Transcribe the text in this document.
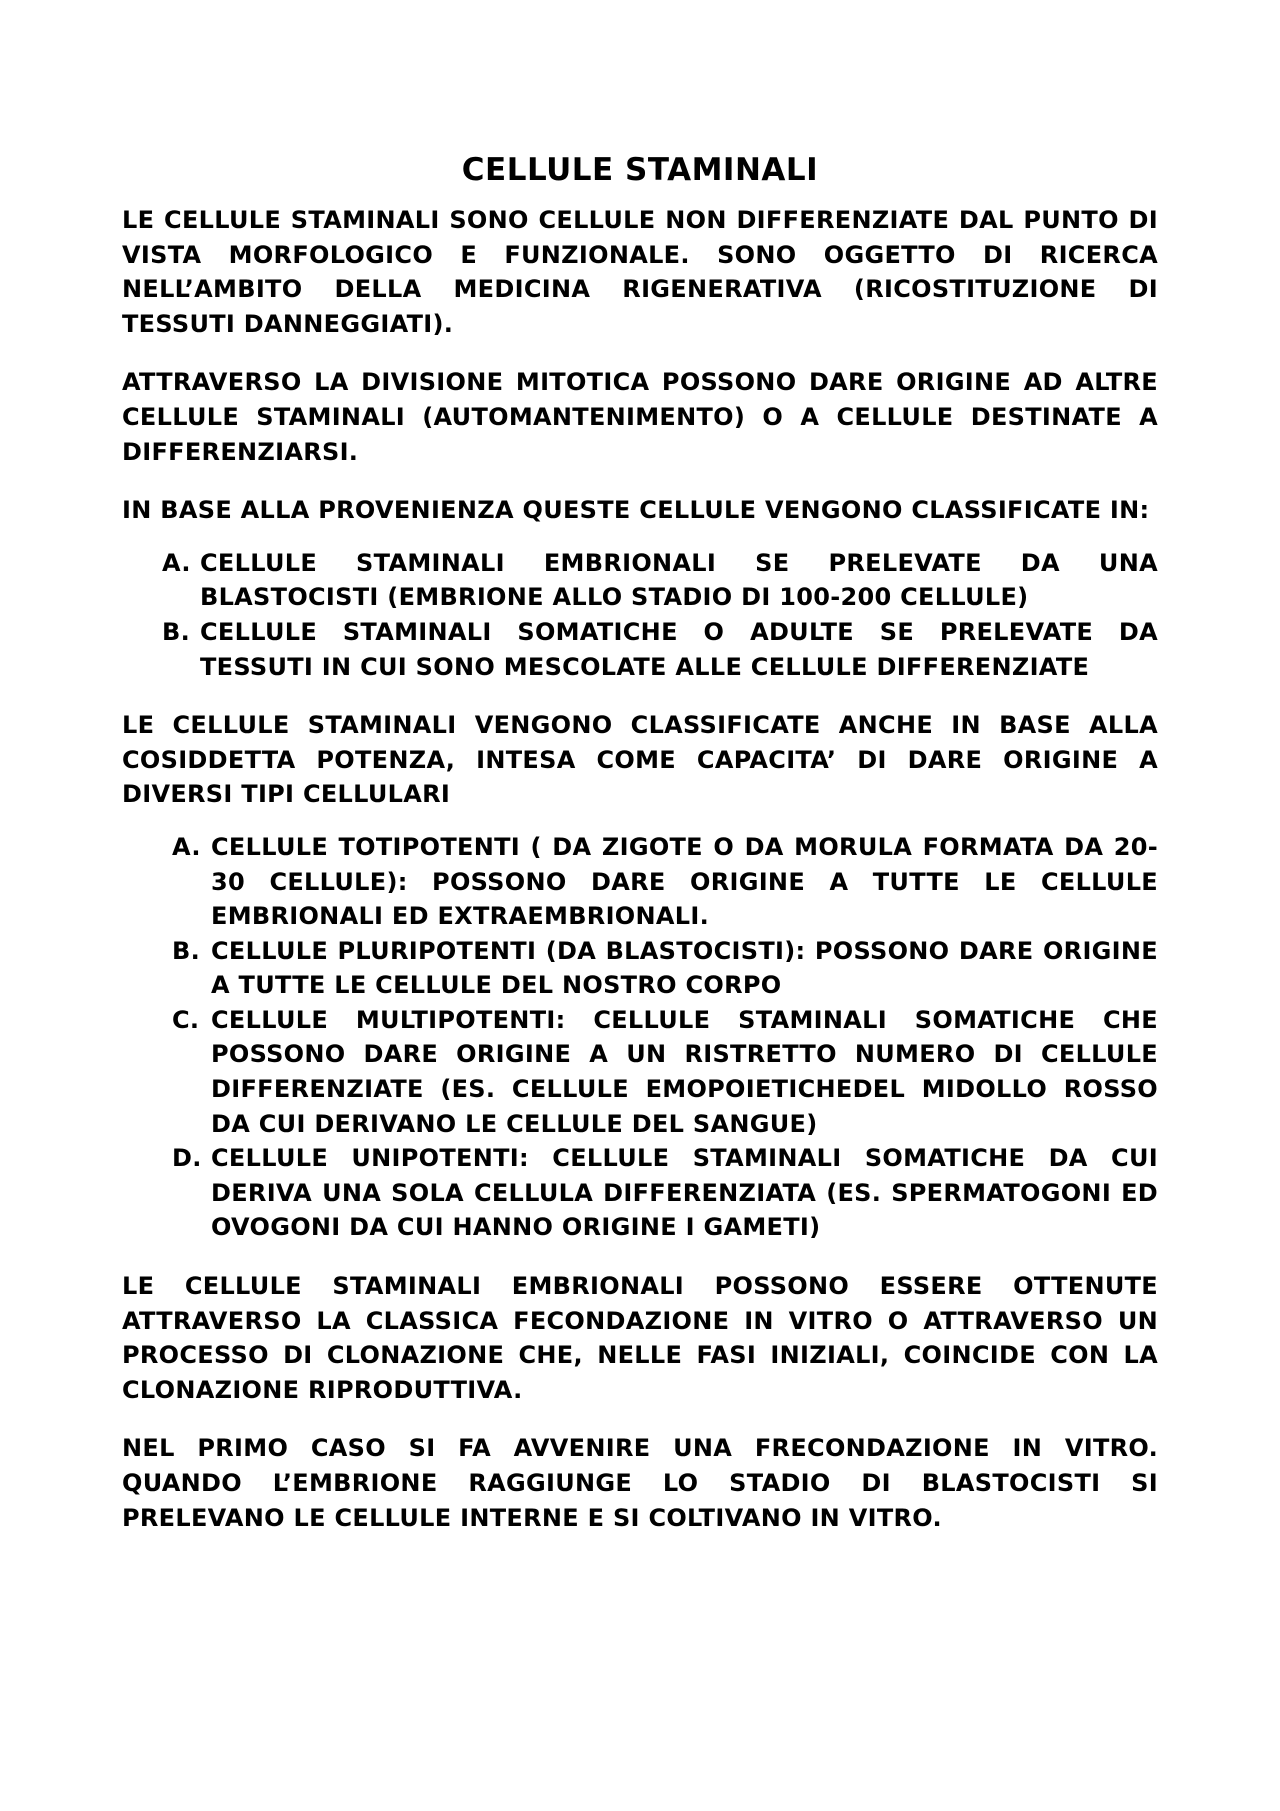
CELLULE STAMINALI

LE CELLULE STAMINALI SONO CELLULE NON DIFFERENZIATE DAL PUNTO DI VISTA MORFOLOGICO E FUNZIONALE. SONO OGGETTO DI RICERCA NELL’AMBITO DELLA MEDICINA RIGENERATIVA (RICOSTITUZIONE DI TESSUTI DANNEGGIATI).

ATTRAVERSO LA DIVISIONE MITOTICA POSSONO DARE ORIGINE AD ALTRE CELLULE STAMINALI (AUTOMANTENIMENTO) O A CELLULE DESTINATE A DIFFERENZIARSI.

IN BASE ALLA PROVENIENZA QUESTE CELLULE VENGONO CLASSIFICATE IN:

A. CELLULE STAMINALI EMBRIONALI SE PRELEVATE DA UNA BLASTOCISTI (EMBRIONE ALLO STADIO DI 100-200 CELLULE)
B. CELLULE STAMINALI SOMATICHE O ADULTE SE PRELEVATE DA TESSUTI IN CUI SONO MESCOLATE ALLE CELLULE DIFFERENZIATE

LE CELLULE STAMINALI VENGONO CLASSIFICATE ANCHE IN BASE ALLA COSIDDETTA POTENZA, INTESA COME CAPACITA’ DI DARE ORIGINE A DIVERSI TIPI CELLULARI

A. CELLULE TOTIPOTENTI ( DA ZIGOTE O DA MORULA FORMATA DA 20-30 CELLULE): POSSONO DARE ORIGINE A TUTTE LE CELLULE EMBRIONALI ED EXTRAEMBRIONALI.
B. CELLULE PLURIPOTENTI (DA BLASTOCISTI): POSSONO DARE ORIGINE A TUTTE LE CELLULE DEL NOSTRO CORPO
C. CELLULE MULTIPOTENTI: CELLULE STAMINALI SOMATICHE CHE POSSONO DARE ORIGINE A UN RISTRETTO NUMERO DI CELLULE DIFFERENZIATE (ES. CELLULE EMOPOIETICHEDEL MIDOLLO ROSSO DA CUI DERIVANO LE CELLULE DEL SANGUE)
D. CELLULE UNIPOTENTI: CELLULE STAMINALI SOMATICHE DA CUI DERIVA UNA SOLA CELLULA DIFFERENZIATA (ES. SPERMATOGONI ED OVOGONI DA CUI HANNO ORIGINE I GAMETI)

LE CELLULE STAMINALI EMBRIONALI POSSONO ESSERE OTTENUTE ATTRAVERSO LA CLASSICA FECONDAZIONE IN VITRO O ATTRAVERSO UN PROCESSO DI CLONAZIONE CHE, NELLE FASI INIZIALI, COINCIDE CON LA CLONAZIONE RIPRODUTTIVA.

NEL PRIMO CASO SI FA AVVENIRE UNA FRECONDAZIONE IN VITRO. QUANDO L’EMBRIONE RAGGIUNGE LO STADIO DI BLASTOCISTI SI PRELEVANO LE CELLULE INTERNE E SI COLTIVANO IN VITRO.
